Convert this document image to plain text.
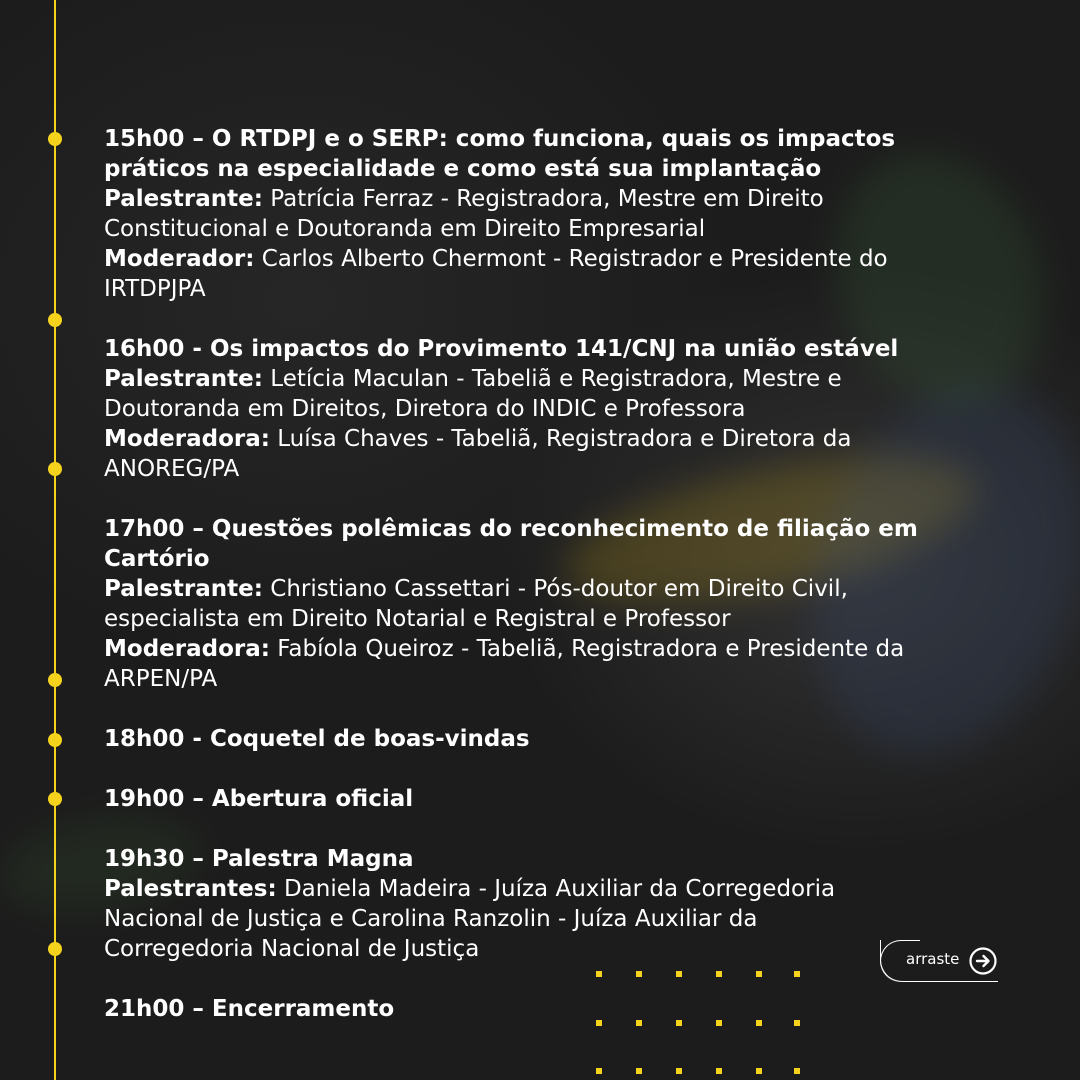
15h00 – O RTDPJ e o SERP: como funciona, quais os impactos
práticos na especialidade e como está sua implantação
Palestrante: Patrícia Ferraz - Registradora, Mestre em Direito
Constitucional e Doutoranda em Direito Empresarial
Moderador: Carlos Alberto Chermont - Registrador e Presidente do
IRTDPJPA
16h00 - Os impactos do Provimento 141/CNJ na união estável
Palestrante: Letícia Maculan - Tabeliã e Registradora, Mestre e
Doutoranda em Direitos, Diretora do INDIC e Professora
Moderadora: Luísa Chaves - Tabeliã, Registradora e Diretora da
ANOREG/PA
17h00 – Questões polêmicas do reconhecimento de filiação em
Cartório
Palestrante: Christiano Cassettari - Pós-doutor em Direito Civil,
especialista em Direito Notarial e Registral e Professor
Moderadora: Fabíola Queiroz - Tabeliã, Registradora e Presidente da
ARPEN/PA
18h00 - Coquetel de boas-vindas
19h00 – Abertura oficial
19h30 – Palestra Magna
Palestrantes: Daniela Madeira - Juíza Auxiliar da Corregedoria
Nacional de Justiça e Carolina Ranzolin - Juíza Auxiliar da
Corregedoria Nacional de Justiça
21h00 – Encerramento
arraste
